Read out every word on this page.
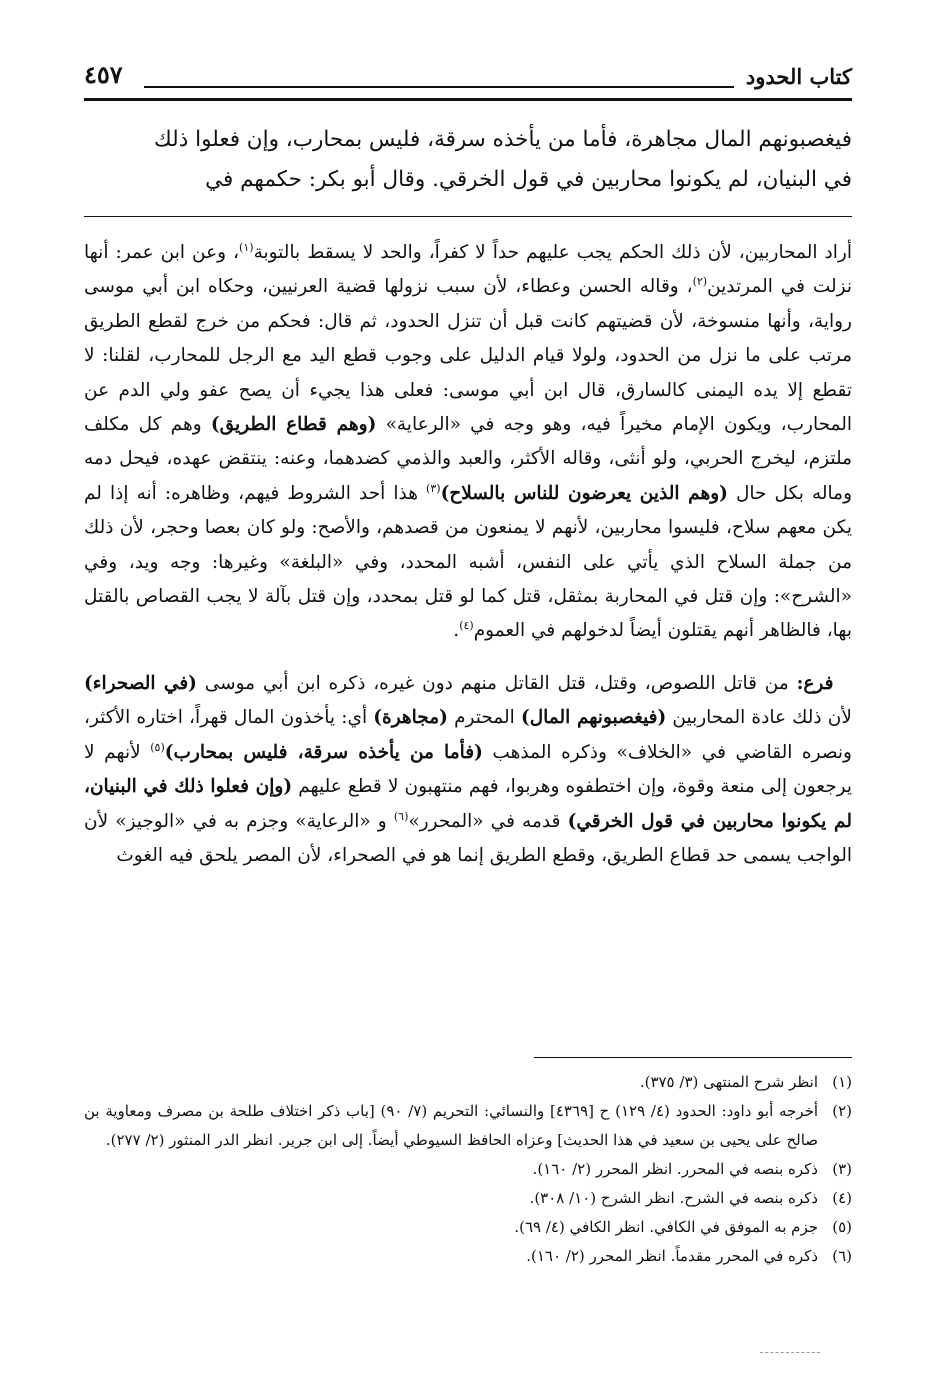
كتاب الحدود
٤٥٧

فيغصبونهم المال مجاهرة، فأما من يأخذه سرقة، فليس بمحارب، وإن فعلوا ذلك

في البنيان، لم يكونوا محاربين في قول الخرقي. وقال أبو بكر: حكمهم في

أراد المحاربين، لأن ذلك الحكم يجب عليهم حداً لا كفراً، والحد لا يسقط بالتوبة$^{(١)}$، وعن ابن عمر: أنها نزلت في المرتدين$^{(٢)}$، وقاله الحسن وعطاء، لأن سبب نزولها قضية العرنيين، وحكاه ابن أبي موسى رواية، وأنها منسوخة، لأن قضيتهم كانت قبل أن تنزل الحدود، ثم قال: فحكم من خرج لقطع الطريق مرتب على ما نزل من الحدود، ولولا قيام الدليل على وجوب قطع اليد مع الرجل للمحارب، لقلنا: لا تقطع إلا يده اليمنى كالسارق، قال ابن أبي موسى: فعلى هذا يجيء أن يصح عفو ولي الدم عن المحارب، ويكون الإمام مخيراً فيه، وهو وجه في «الرعاية» (وهم قطاع الطريق) وهم كل مكلف ملتزم، ليخرج الحربي، ولو أنثى، وقاله الأكثر، والعبد والذمي كضدهما، وعنه: ينتقض عهده، فيحل دمه وماله بكل حال (وهم الذين يعرضون للناس بالسلاح)$^{(٣)}$ هذا أحد الشروط فيهم، وظاهره: أنه إذا لم يكن معهم سلاح، فليسوا محاربين، لأنهم لا يمنعون من قصدهم، والأصح: ولو كان بعصا وحجر، لأن ذلك من جملة السلاح الذي يأتي على النفس، أشبه المحدد، وفي «البلغة» وغيرها: وجه ويد، وفي «الشرح»: وإن قتل في المحاربة بمثقل، قتل كما لو قتل بمحدد، وإن قتل بآلة لا يجب القصاص بالقتل بها، فالظاهر أنهم يقتلون أيضاً لدخولهم في العموم$^{(٤)}$.

 فرع: من قاتل اللصوص، وقتل، قتل القاتل منهم دون غيره، ذكره ابن أبي موسى (في الصحراء) لأن ذلك عادة المحاربين (فيغصبونهم المال) المحترم (مجاهرة) أي: يأخذون المال قهراً، اختاره الأكثر، ونصره القاضي في «الخلاف» وذكره المذهب (فأما من يأخذه سرقة، فليس بمحارب)$^{(٥)}$ لأنهم لا يرجعون إلى منعة وقوة، وإن اختطفوه وهربوا، فهم منتهبون لا قطع عليهم (وإن فعلوا ذلك في البنيان، لم يكونوا محاربين في قول الخرقي) قدمه في «المحرر»$^{(٦)}$ و «الرعاية» وجزم به في «الوجيز» لأن الواجب يسمى حد قطاع الطريق، وقطع الطريق إنما هو في الصحراء، لأن المصر يلحق فيه الغوث

(١)
انظر شرح المنتهى (٣/ ٣٧٥).
(٢)
أخرجه أبو داود: الحدود (٤/ ١٢٩) ح [٤٣٦٩] والنسائي: التحريم (٧/ ٩٠) [باب ذكر اختلاف طلحة بن مصرف ومعاوية بن صالح على يحيى بن سعيد في هذا الحديث] وعزاه الحافظ السيوطي أيضاً. إلى ابن جرير. انظر الدر المنثور (٢/ ٢٧٧).
(٣)
ذكره بنصه في المحرر. انظر المحرر (٢/ ١٦٠).
(٤)
ذكره بنصه في الشرح. انظر الشرح (١٠/ ٣٠٨).
(٥)
جزم به الموفق في الكافي. انظر الكافي (٤/ ٦٩).
(٦)
ذكره في المحرر مقدماً. انظر المحرر (٢/ ١٦٠).
